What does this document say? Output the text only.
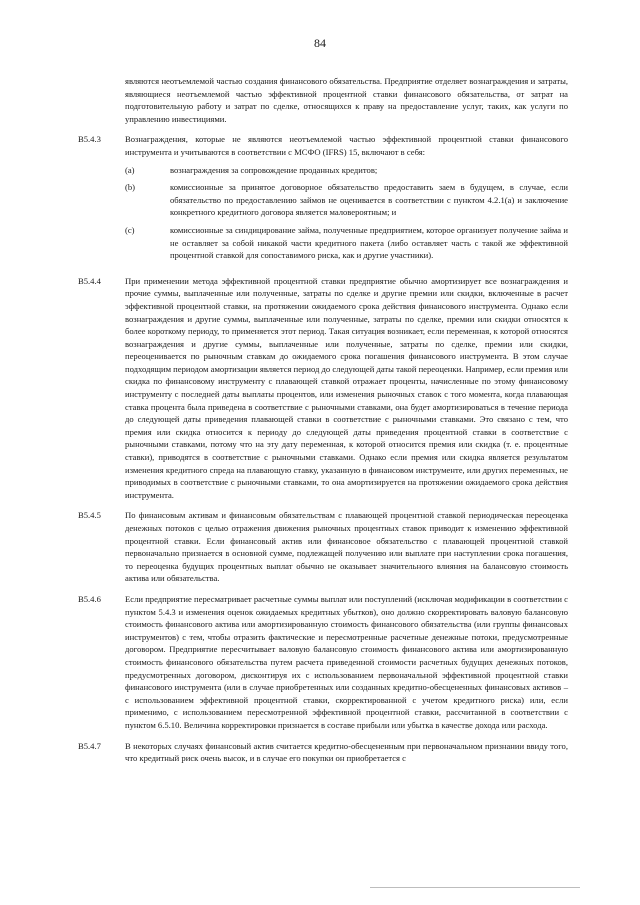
84
являются неотъемлемой частью создания финансового обязательства. Предприятие отделяет вознаграждения и затраты, являющиеся неотъемлемой частью эффективной процентной ставки финансового обязательства, от затрат на подготовительную работу и затрат по сделке, относящихся к праву на предоставление услуг, таких, как услуги по управлению инвестициями.
B5.4.3	Вознаграждения, которые не являются неотъемлемой частью эффективной процентной ставки финансового инструмента и учитываются в соответствии с МСФО (IFRS) 15, включают в себя:
(a)	вознаграждения за сопровождение проданных кредитов;
(b)	комиссионные за принятое договорное обязательство предоставить заем в будущем, в случае, если обязательство по предоставлению займов не оценивается в соответствии с пунктом 4.2.1(a) и заключение конкретного кредитного договора является маловероятным; и
(c)	комиссионные за синдицирование займа, полученные предприятием, которое организует получение займа и не оставляет за собой никакой части кредитного пакета (либо оставляет часть с такой же эффективной процентной ставкой для сопоставимого риска, как и другие участники).
B5.4.4	При применении метода эффективной процентной ставки предприятие обычно амортизирует все вознаграждения и прочие суммы, выплаченные или полученные, затраты по сделке и другие премии или скидки, включенные в расчет эффективной процентной ставки, на протяжении ожидаемого срока действия финансового инструмента. Однако если вознаграждения и другие суммы, выплаченные или полученные, затраты по сделке, премии или скидки относятся к более короткому периоду, то применяется этот период. Такая ситуация возникает, если переменная, к которой относятся вознаграждения и другие суммы, выплаченные или полученные, затраты по сделке, премии или скидки, переоценивается по рыночным ставкам до ожидаемого срока погашения финансового инструмента. В этом случае подходящим периодом амортизации является период до следующей даты такой переоценки. Например, если премия или скидка по финансовому инструменту с плавающей ставкой отражает проценты, начисленные по этому финансовому инструменту с последней даты выплаты процентов, или изменения рыночных ставок с того момента, когда плавающая ставка процента была приведена в соответствие с рыночными ставками, она будет амортизироваться в течение периода до следующей даты приведения плавающей ставки в соответствие с рыночными ставками. Это связано с тем, что премия или скидка относится к периоду до следующей даты приведения процентной ставки в соответствие с рыночными ставками, потому что на эту дату переменная, к которой относится премия или скидка (т. е. процентные ставки), приводятся в соответствие с рыночными ставками. Однако если премия или скидка является результатом изменения кредитного спреда на плавающую ставку, указанную в финансовом инструменте, или других переменных, не приводимых в соответствие с рыночными ставками, то она амортизируется на протяжении ожидаемого срока действия инструмента.
B5.4.5	По финансовым активам и финансовым обязательствам с плавающей процентной ставкой периодическая переоценка денежных потоков с целью отражения движения рыночных процентных ставок приводит к изменению эффективной процентной ставки. Если финансовый актив или финансовое обязательство с плавающей процентной ставкой первоначально признается в основной сумме, подлежащей получению или выплате при наступлении срока погашения, то переоценка будущих процентных выплат обычно не оказывает значительного влияния на балансовую стоимость актива или обязательства.
B5.4.6	Если предприятие пересматривает расчетные суммы выплат или поступлений (исключая модификации в соответствии с пунктом 5.4.3 и изменения оценок ожидаемых кредитных убытков), оно должно скорректировать валовую балансовую стоимость финансового актива или амортизированную стоимость финансового обязательства (или группы финансовых инструментов) с тем, чтобы отразить фактические и пересмотренные расчетные денежные потоки, предусмотренные договором. Предприятие пересчитывает валовую балансовую стоимость финансового актива или амортизированную стоимость финансового обязательства путем расчета приведенной стоимости расчетных будущих денежных потоков, предусмотренных договором, дисконтируя их с использованием первоначальной эффективной процентной ставки финансового инструмента (или в случае приобретенных или созданных кредитно-обесцененных финансовых активов – с использованием эффективной процентной ставки, скорректированной с учетом кредитного риска) или, если применимо, с использованием пересмотренной эффективной процентной ставки, рассчитанной в соответствии с пунктом 6.5.10. Величина корректировки признается в составе прибыли или убытка в качестве дохода или расхода.
B5.4.7	В некоторых случаях финансовый актив считается кредитно-обесцененным при первоначальном признании ввиду того, что кредитный риск очень высок, и в случае его покупки он приобретается с
